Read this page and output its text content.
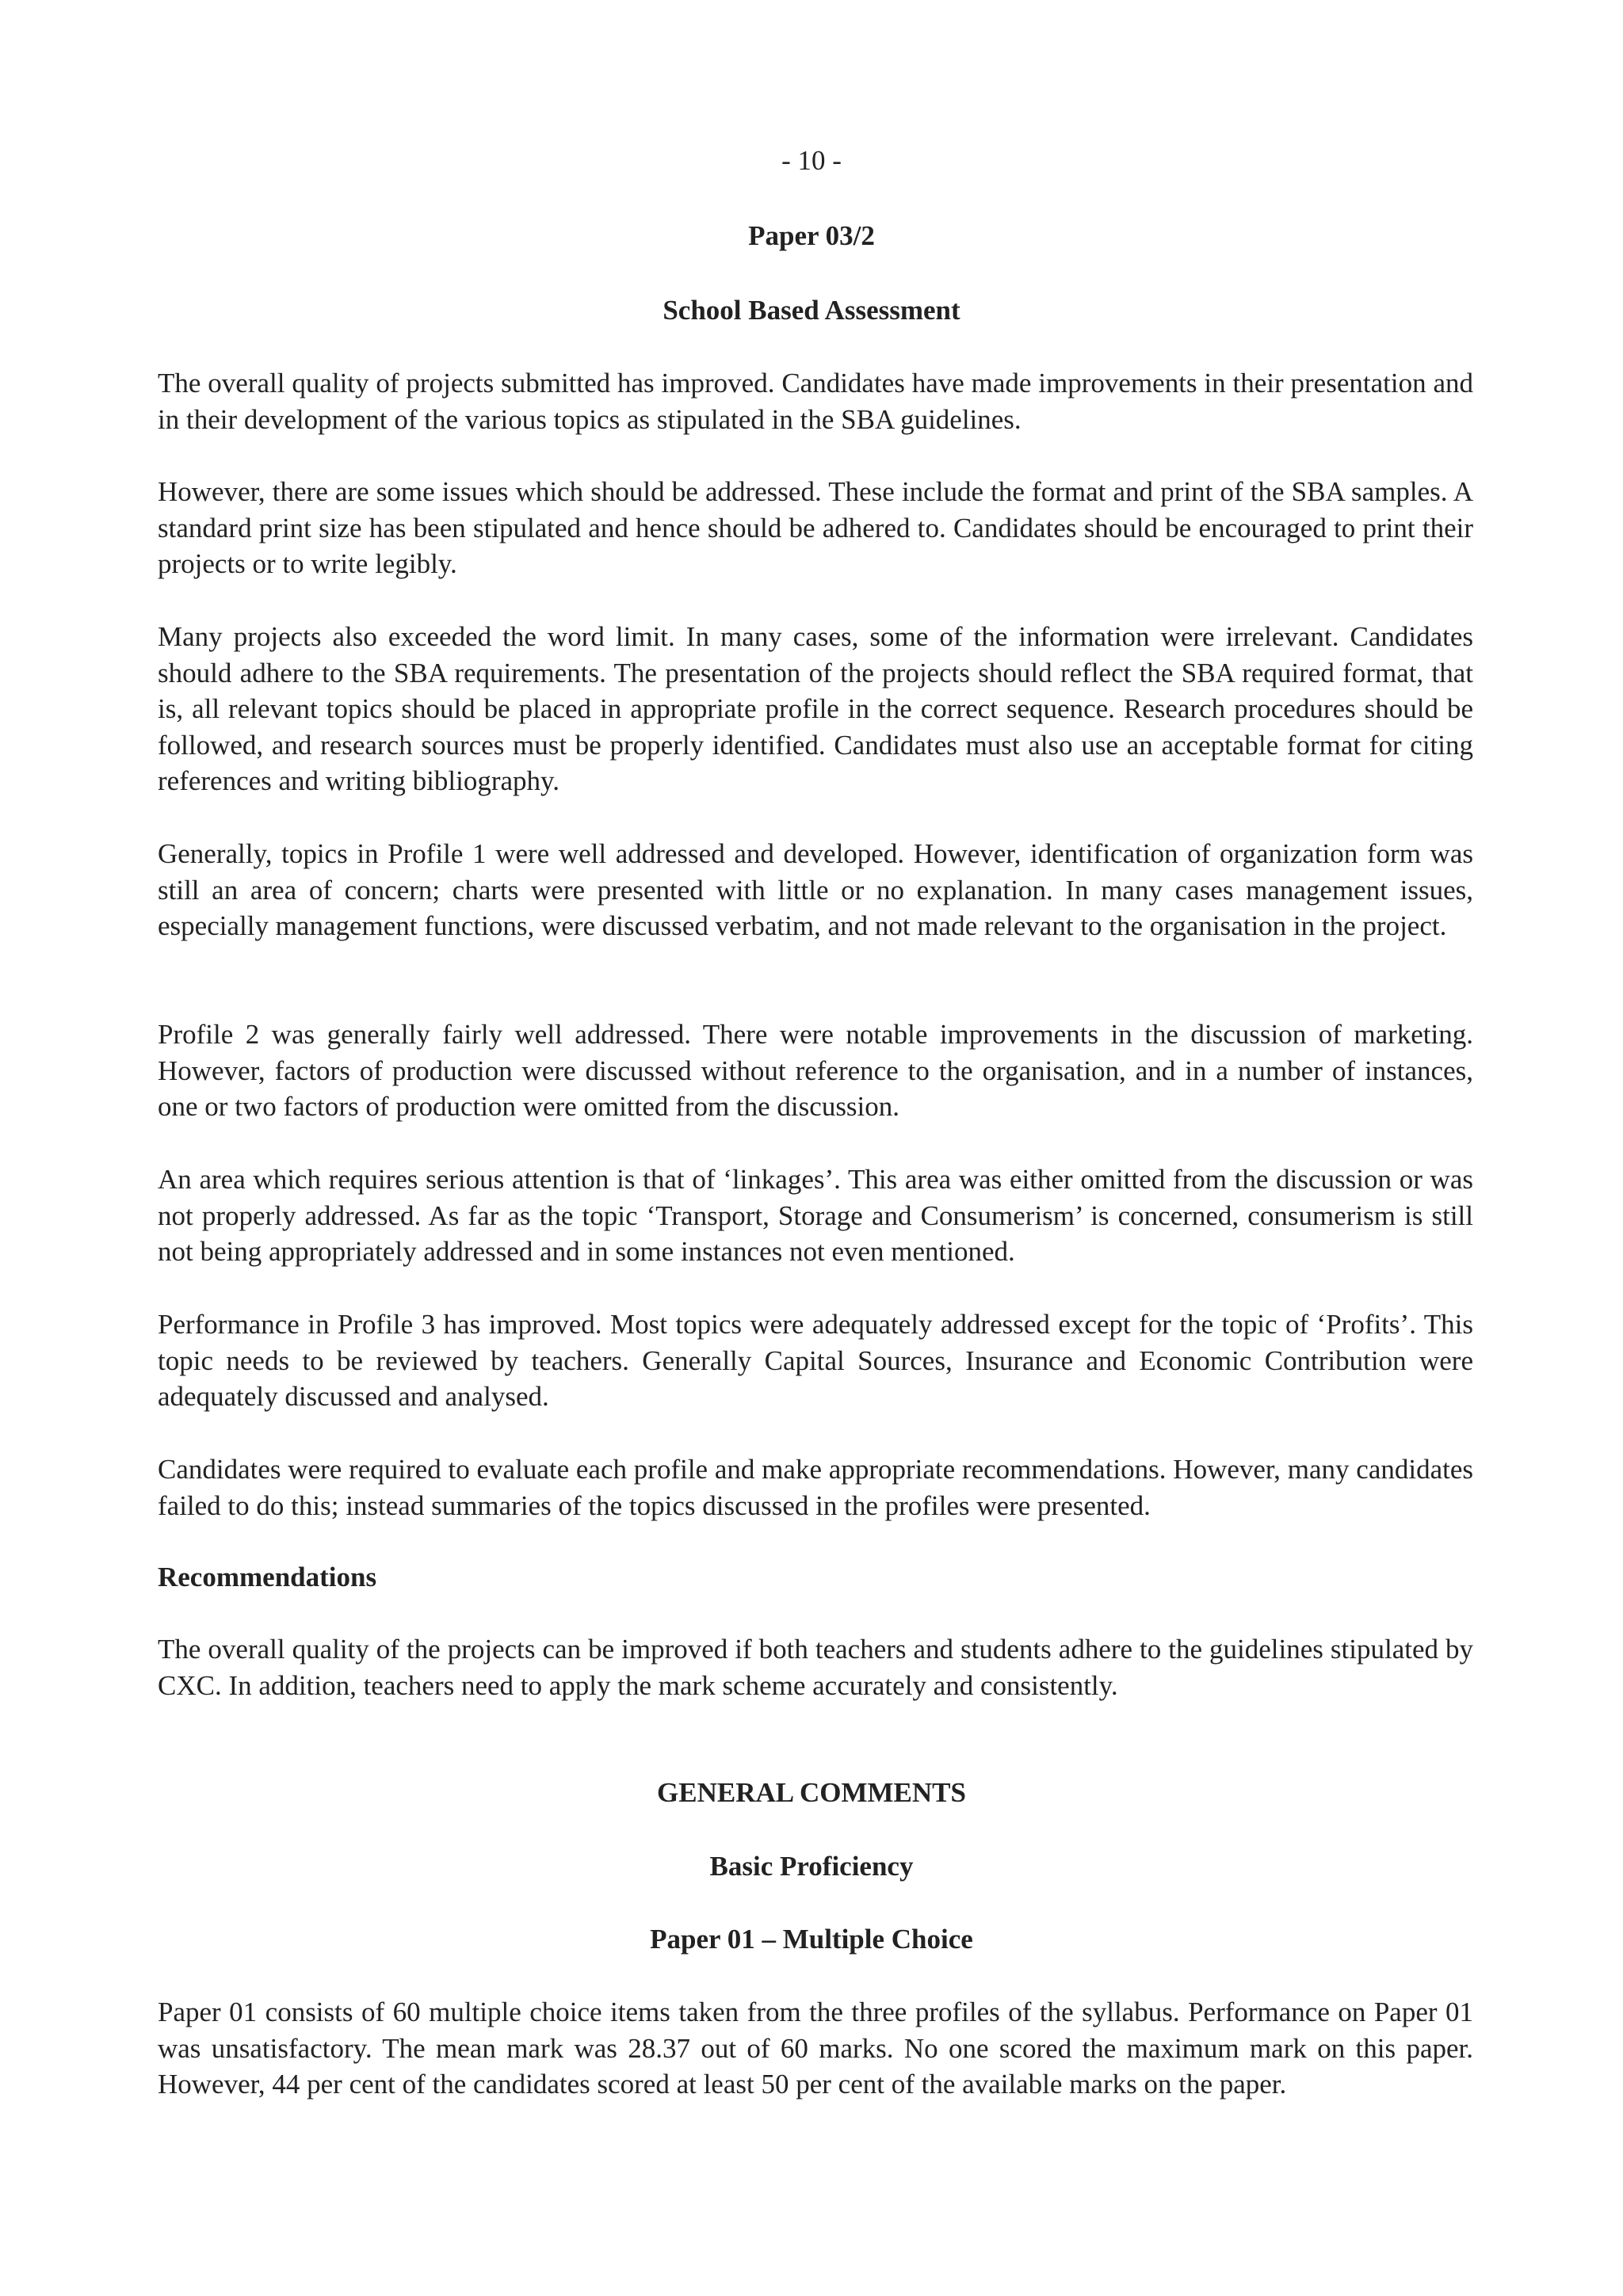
- 10 -
Paper 03/2
School Based Assessment

The overall quality of projects submitted has improved. Candidates have made improvements in their presentation and in their development of the various topics as stipulated in the SBA guidelines.

However, there are some issues which should be addressed. These include the format and print of the SBA samples. A standard print size has been stipulated and hence should be adhered to. Candidates should be encouraged to print their projects or to write legibly.

Many projects also exceeded the word limit. In many cases, some of the information were irrelevant. Candidates should adhere to the SBA requirements. The presentation of the projects should reflect the SBA required format, that is, all relevant topics should be placed in appropriate profile in the correct sequence. Research procedures should be followed, and research sources must be properly identified. Candidates must also use an acceptable format for citing references and writing bibliography.

Generally, topics in Profile 1 were well addressed and developed. However, identification of organization form was still an area of concern; charts were presented with little or no explanation. In many cases management issues, especially management functions, were discussed verbatim, and not made relevant to the organisation in the project.

Profile 2 was generally fairly well addressed. There were notable improvements in the discussion of marketing. However, factors of production were discussed without reference to the organisation, and in a number of instances, one or two factors of production were omitted from the discussion.

An area which requires serious attention is that of ‘linkages’. This area was either omitted from the discussion or was not properly addressed. As far as the topic ‘Transport, Storage and Consumerism’ is concerned, consumerism is still not being appropriately addressed and in some instances not even mentioned.

Performance in Profile 3 has improved. Most topics were adequately addressed except for the topic of ‘Profits’. This topic needs to be reviewed by teachers. Generally Capital Sources, Insurance and Economic Contribution were adequately discussed and analysed.

Candidates were required to evaluate each profile and make appropriate recommendations. However, many candidates failed to do this; instead summaries of the topics discussed in the profiles were presented.

Recommendations

The overall quality of the projects can be improved if both teachers and students adhere to the guidelines stipulated by CXC. In addition, teachers need to apply the mark scheme accurately and consistently.

GENERAL COMMENTS
Basic Proficiency
Paper 01 – Multiple Choice

Paper 01 consists of 60 multiple choice items taken from the three profiles of the syllabus. Performance on Paper 01 was unsatisfactory. The mean mark was 28.37 out of 60 marks. No one scored the maximum mark on this paper. However, 44 per cent of the candidates scored at least 50 per cent of the available marks on the paper.
